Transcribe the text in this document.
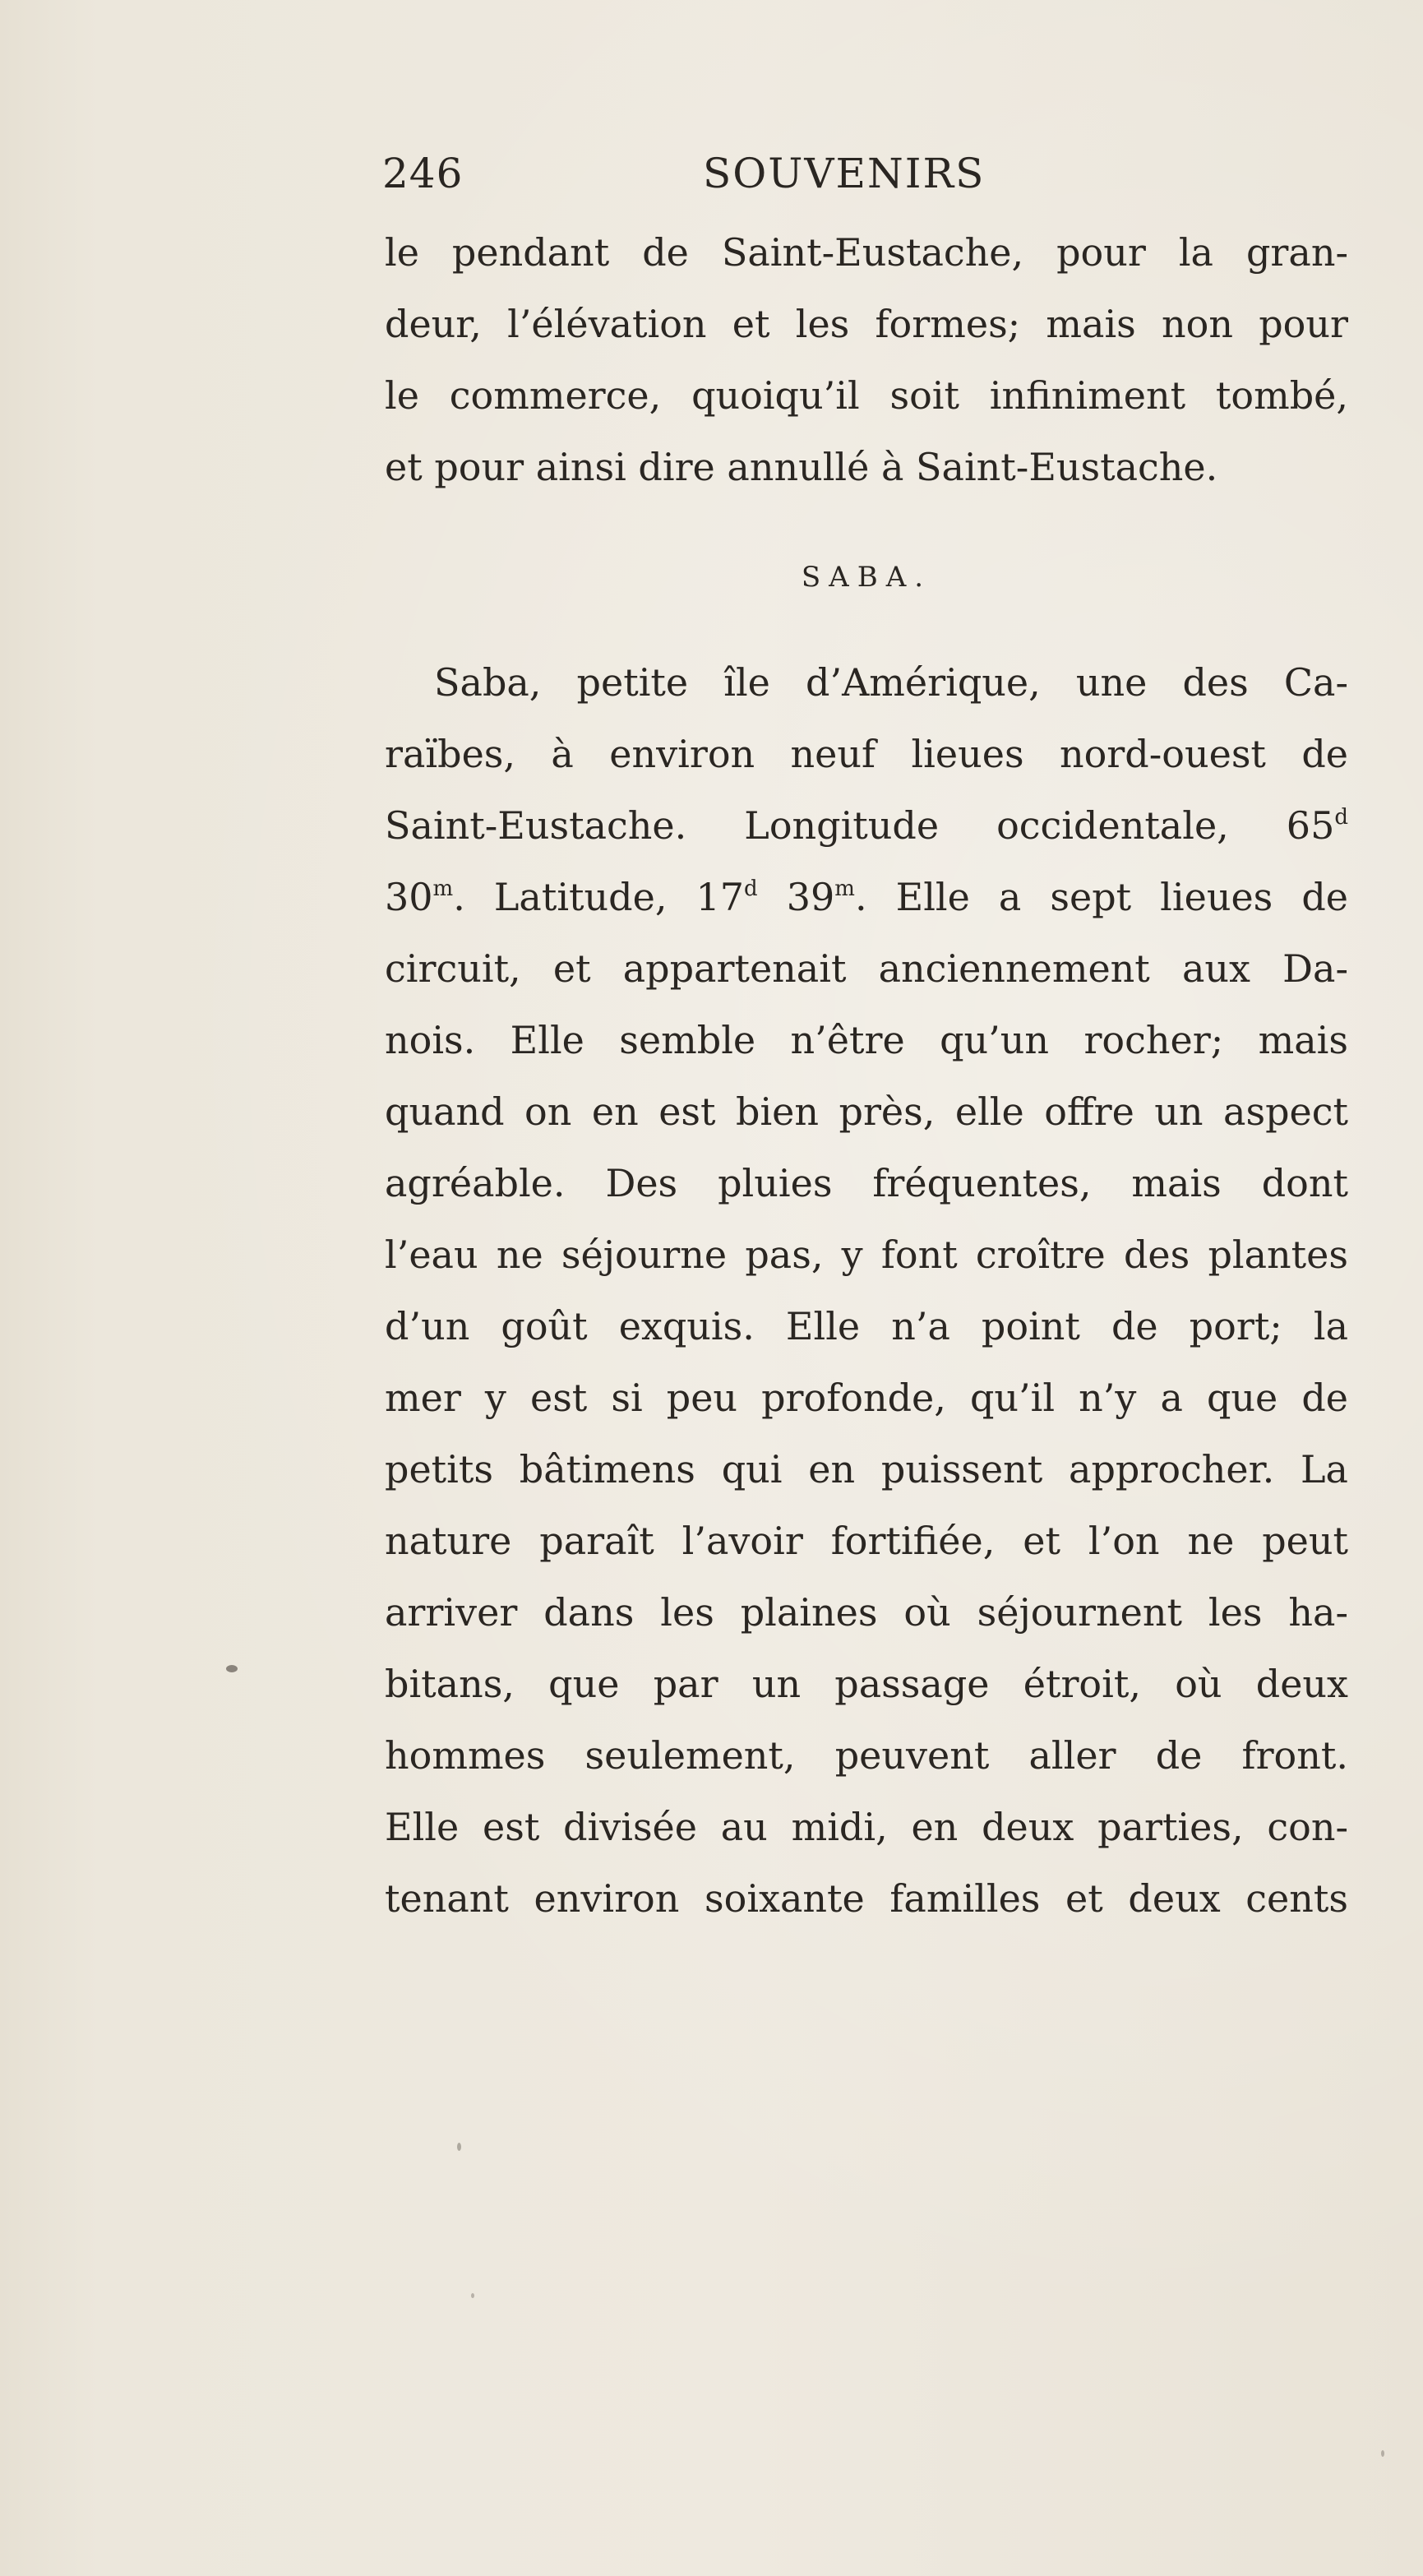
246	SOUVENIRS
le pendant de Saint-Eustache, pour la gran-
deur, l’élévation et les formes; mais non pour
le commerce, quoiqu’il soit infiniment tombé,
et pour ainsi dire annullé à Saint-Eustache.
SABA.
Saba, petite île d’Amérique, une des Ca-
raïbes, à environ neuf lieues nord-ouest de
Saint-Eustache. Longitude occidentale, 65$^d$
30$^m$. Latitude, 17$^d$ 39$^m$. Elle a sept lieues de
circuit, et appartenait anciennement aux Da-
nois. Elle semble n’être qu’un rocher; mais
quand on en est bien près, elle offre un aspect
agréable. Des pluies fréquentes, mais dont
l’eau ne séjourne pas, y font croître des plantes
d’un goût exquis. Elle n’a point de port; la
mer y est si peu profonde, qu’il n’y a que de
petits bâtimens qui en puissent approcher. La
nature paraît l’avoir fortifiée, et l’on ne peut
arriver dans les plaines où séjournent les ha-
bitans, que par un passage étroit, où deux
hommes seulement, peuvent aller de front.
Elle est divisée au midi, en deux parties, con-
tenant environ soixante familles et deux cents
